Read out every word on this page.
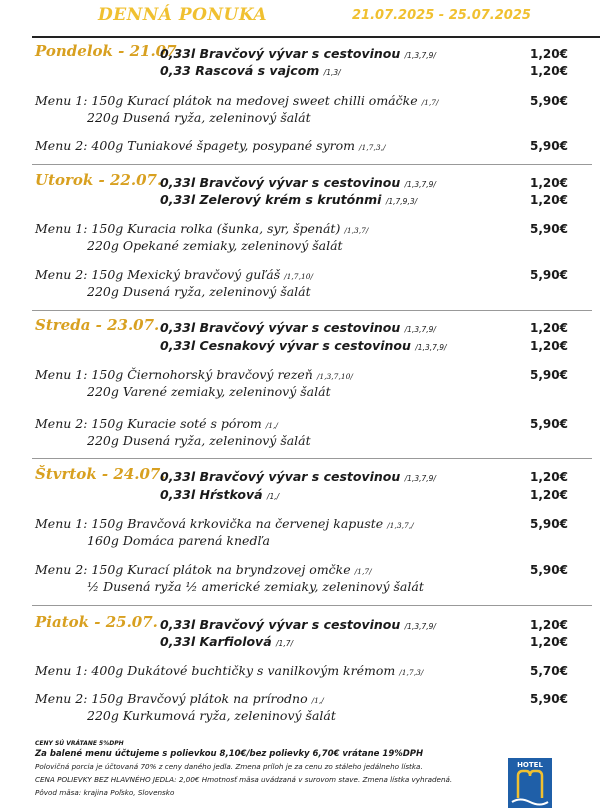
DENNÁ PONUKA	21.07.2025 - 25.07.2025
Pondelok - 21.07.
0,33l Bravčový vývar s cestovinou /1,3,7,9/	1,20€
0,33 Rascová s vajcom /1,3/	1,20€
Menu 1: 150g Kurací plátok na medovej sweet chilli omáčke /1,7/	5,90€
220g Dusená ryža, zeleninový šalát
Menu 2: 400g Tuniakové špagety, posypané syrom /1,7,3,/	5,90€
Utorok - 22.07.
0,33l Bravčový vývar s cestovinou /1,3,7,9/	1,20€
0,33l Zelerový krém s krutónmi /1,7,9,3/	1,20€
Menu 1: 150g Kuracia rolka (šunka, syr, špenát) /1,3,7/	5,90€
220g Opekané zemiaky, zeleninový šalát
Menu 2: 150g Mexický bravčový guľáš /1,7,10/	5,90€
220g Dusená ryža, zeleninový šalát
Streda - 23.07. 0,33l Bravčový vývar s cestovinou /1,3,7,9/	1,20€
0,33l Cesnakový vývar s cestovinou /1,3,7,9/	1,20€
Menu 1: 150g Čiernohorský bravčový rezeň /1,3,7,10/	5,90€
220g Varené zemiaky, zeleninový šalát
Menu 2: 150g Kuracie soté s pórom /1,/	5,90€
220g Dusená ryža, zeleninový šalát
Štvrtok - 24.07.
0,33l Bravčový vývar s cestovinou /1,3,7,9/	1,20€
0,33l Hŕstková /1,/	1,20€
Menu 1: 150g Bravčová krkovička na červenej kapuste /1,3,7,/	5,90€
160g Domáca parená knedľa
Menu 2: 150g Kurací plátok na bryndzovej omčke /1,7/	5,90€
½ Dusená ryža ½ americké zemiaky, zeleninový šalát
Piatok - 25.07. 0,33l Bravčový vývar s cestovinou /1,3,7,9/	1,20€
0,33l Karfiolová /1,7/	1,20€
Menu 1: 400g Dukátové buchtičky s vanilkovým krémom /1,7,3/	5,70€
Menu 2: 150g Bravčový plátok na prírodno /1,/	5,90€
220g Kurkumová ryža, zeleninový šalát
CENY SÚ VRÁTANE 5%DPH
Za balené menu účtujeme s polievkou 8,10€/bez polievky 6,70€ vrátane 19%DPH
Polovičná porcia je účtovaná 70% z ceny daného jedla. Zmena príloh je za cenu zo stáleho jedálneho lístka.
CENA POLIEVKY BEZ HLAVNÉHO JEDLA: 2,00€ Hmotnosť mäsa uvádzaná v surovom stave. Zmena lístka vyhradená.
Pôvod mäsa: krajina Poľsko, Slovensko
HOTEL
